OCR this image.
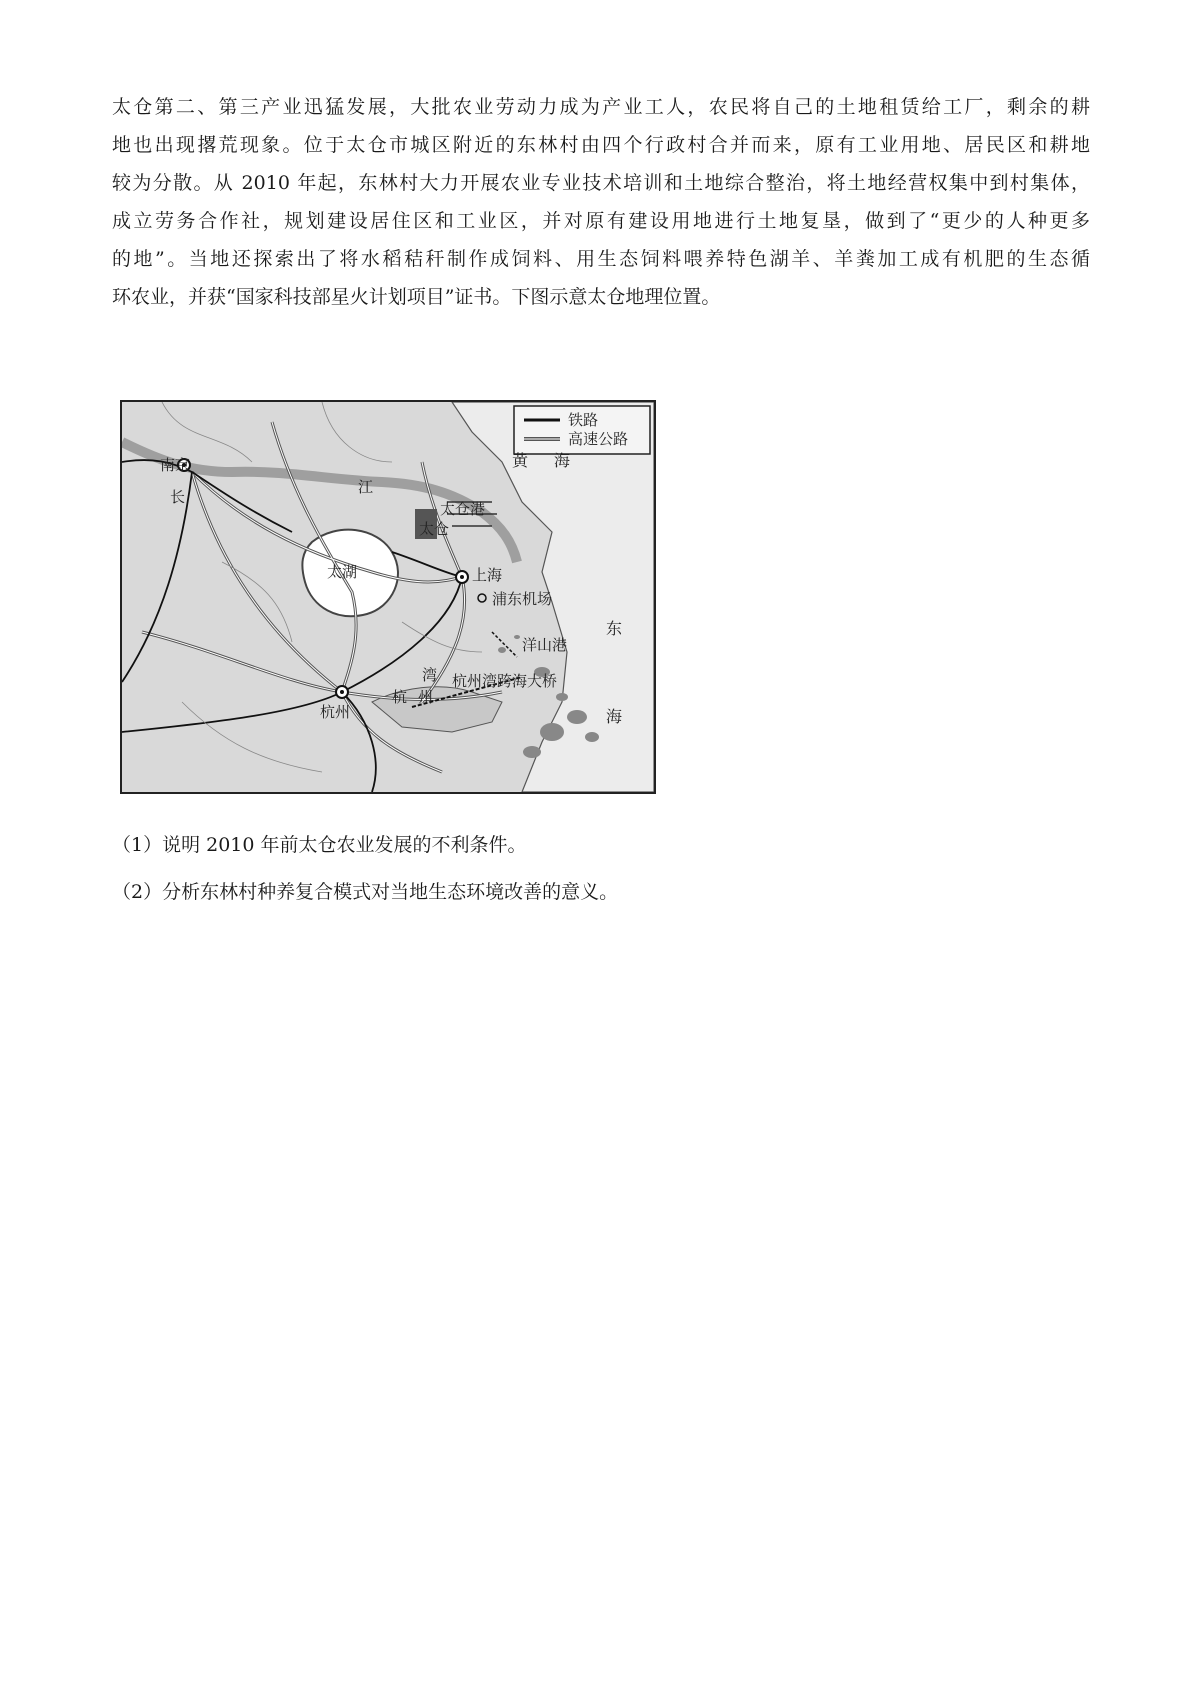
太仓第二、第三产业迅猛发展，大批农业劳动力成为产业工人，农民将自己的土地租赁给工厂，剩余的耕
地也出现撂荒现象。位于太仓市城区附近的东林村由四个行政村合并而来，原有工业用地、居民区和耕地
较为分散。从 2010 年起，东林村大力开展农业专业技术培训和土地综合整治，将土地经营权集中到村集体，
成立劳务合作社，规划建设居住区和工业区，并对原有建设用地进行土地复垦，做到了“更少的人种更多
的地”。当地还探索出了将水稻秸秆制作成饲料、用生态饲料喂养特色湖羊、羊粪加工成有机肥的生态循
环农业，并获“国家科技部星火计划项目”证书。下图示意太仓地理位置。
铁路
高速公路
南京
长
江
黄 海
太仓港
太仓
太湖	上海
浦东机场
东
洋山港
海
湾
杭 州
杭州湾跨海大桥
杭州
（1）说明 2010 年前太仓农业发展的不利条件。
（2）分析东林村种养复合模式对当地生态环境改善的意义。
